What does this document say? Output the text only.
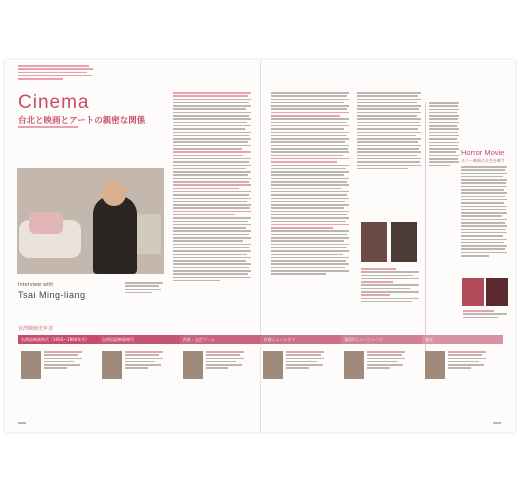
Cinema
台北と映画とアートの親密な関係
Interview with
Tsai Ming-liang
Horror Movie
ホラー映画は社会を映す
台湾映画史年表
台湾語映画時代（1955〜1960年代）	台湾国語映画時代	武侠・文芸ブーム	台湾ニューシネマ	第2次ニューウェーブ	現在
